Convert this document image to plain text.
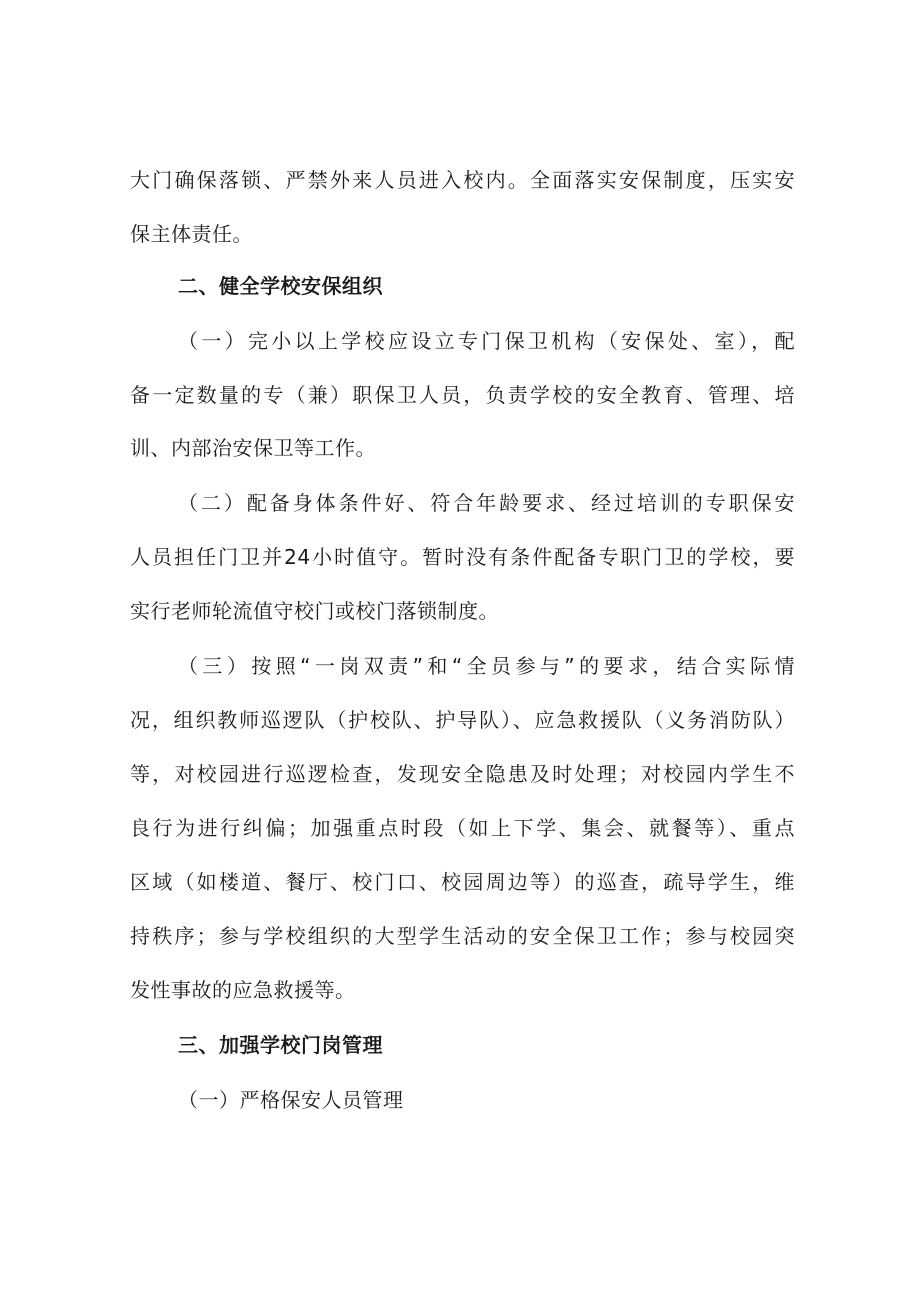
大门确保落锁、严禁外来人员进入校内。全面落实安保制度，压实安
保主体责任。
二、健全学校安保组织
（一）完小以上学校应设立专门保卫机构（安保处、室），配
备一定数量的专（兼）职保卫人员，负责学校的安全教育、管理、培
训、内部治安保卫等工作。
（二）配备身体条件好、符合年龄要求、经过培训的专职保安
人员担任门卫并24小时值守。暂时没有条件配备专职门卫的学校，要
实行老师轮流值守校门或校门落锁制度。
（三）按照“一岗双责”和“全员参与”的要求，结合实际情
况，组织教师巡逻队（护校队、护导队）、应急救援队（义务消防队）
等，对校园进行巡逻检查，发现安全隐患及时处理；对校园内学生不
良行为进行纠偏；加强重点时段（如上下学、集会、就餐等）、重点
区域（如楼道、餐厅、校门口、校园周边等）的巡查，疏导学生，维
持秩序；参与学校组织的大型学生活动的安全保卫工作；参与校园突
发性事故的应急救援等。
三、加强学校门岗管理
（一）严格保安人员管理
